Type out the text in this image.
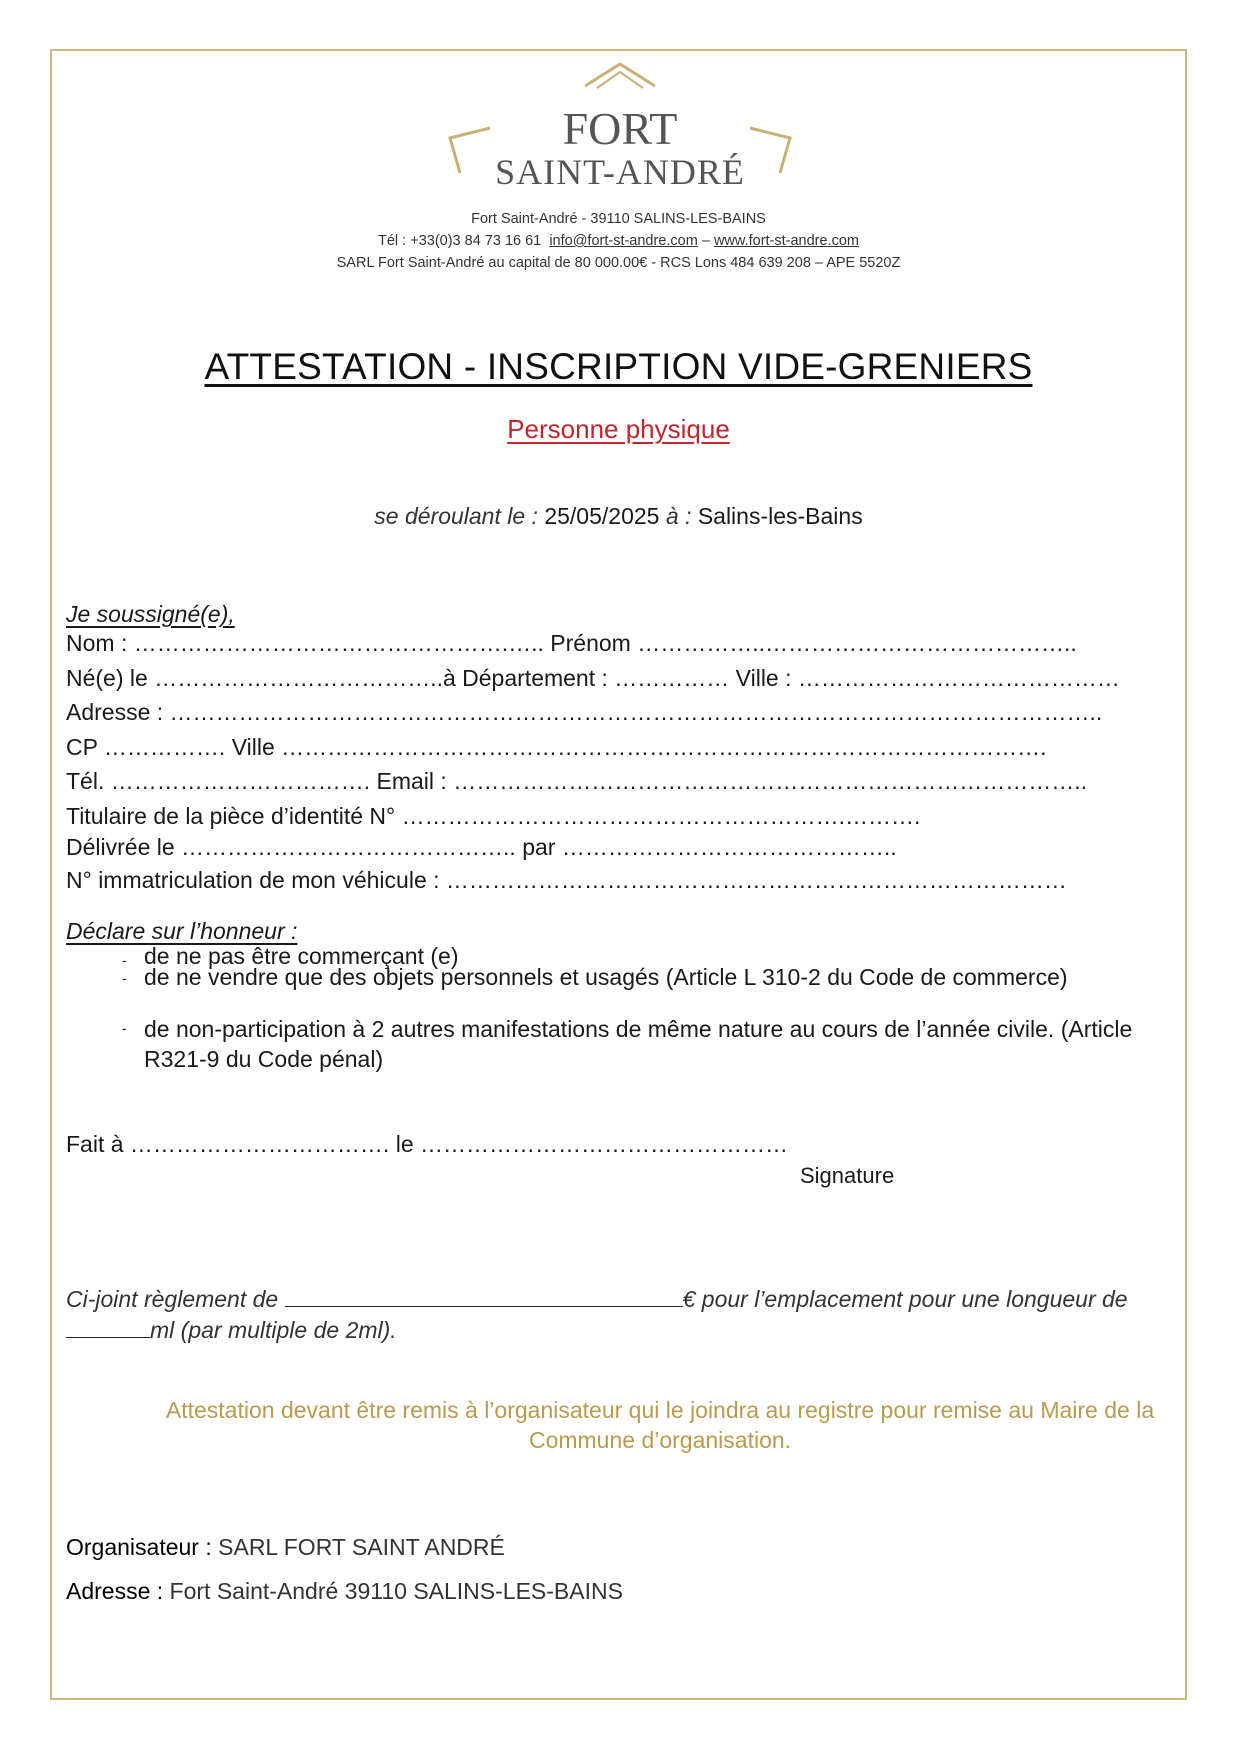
FORT
SAINT-ANDRÉ
Fort Saint-André - 39110 SALINS-LES-BAINS
Tél : +33(0)3 84 73 16 61 info@fort-st-andre.com – www.fort-st-andre.com
SARL Fort Saint-André au capital de 80 000.00€ - RCS Lons 484 639 208 – APE 5520Z
ATTESTATION - INSCRIPTION VIDE-GRENIERS
Personne physique
se déroulant le : 25/05/2025 à : Salins-les-Bains
Je soussigné(e),
Nom : ………………………………………….….. Prénom ……………..…………………………………..
Né(e) le ………………………………..à Département : …………… Ville : ……………………………………
Adresse : …………………………………………………………………………………………………………..
CP ……………. Ville ……………………………………………………………………………………….
Tél. ……………………………. Email : ………………………………………………………………………..
Titulaire de la pièce d’identité N° ………………………………………………….……….
Délivrée le …………………………………….. par ……………………………………..
N° immatriculation de mon véhicule : ………………………………………………………………………
Déclare sur l’honneur :
- de ne pas être commerçant (e)
- de ne vendre que des objets personnels et usagés (Article L 310-2 du Code de commerce)
- de non-participation à 2 autres manifestations de même nature au cours de l’année civile. (Article R321-9 du Code pénal)
Fait à ……………………………. le …………………………………………
Signature
Ci-joint règlement de	€ pour l’emplacement pour une longueur de ml (par multiple de 2ml).
Attestation devant être remis à l’organisateur qui le joindra au registre pour remise au Maire de la Commune d’organisation.
Organisateur : SARL FORT SAINT ANDRÉ
Adresse : Fort Saint-André 39110 SALINS-LES-BAINS
